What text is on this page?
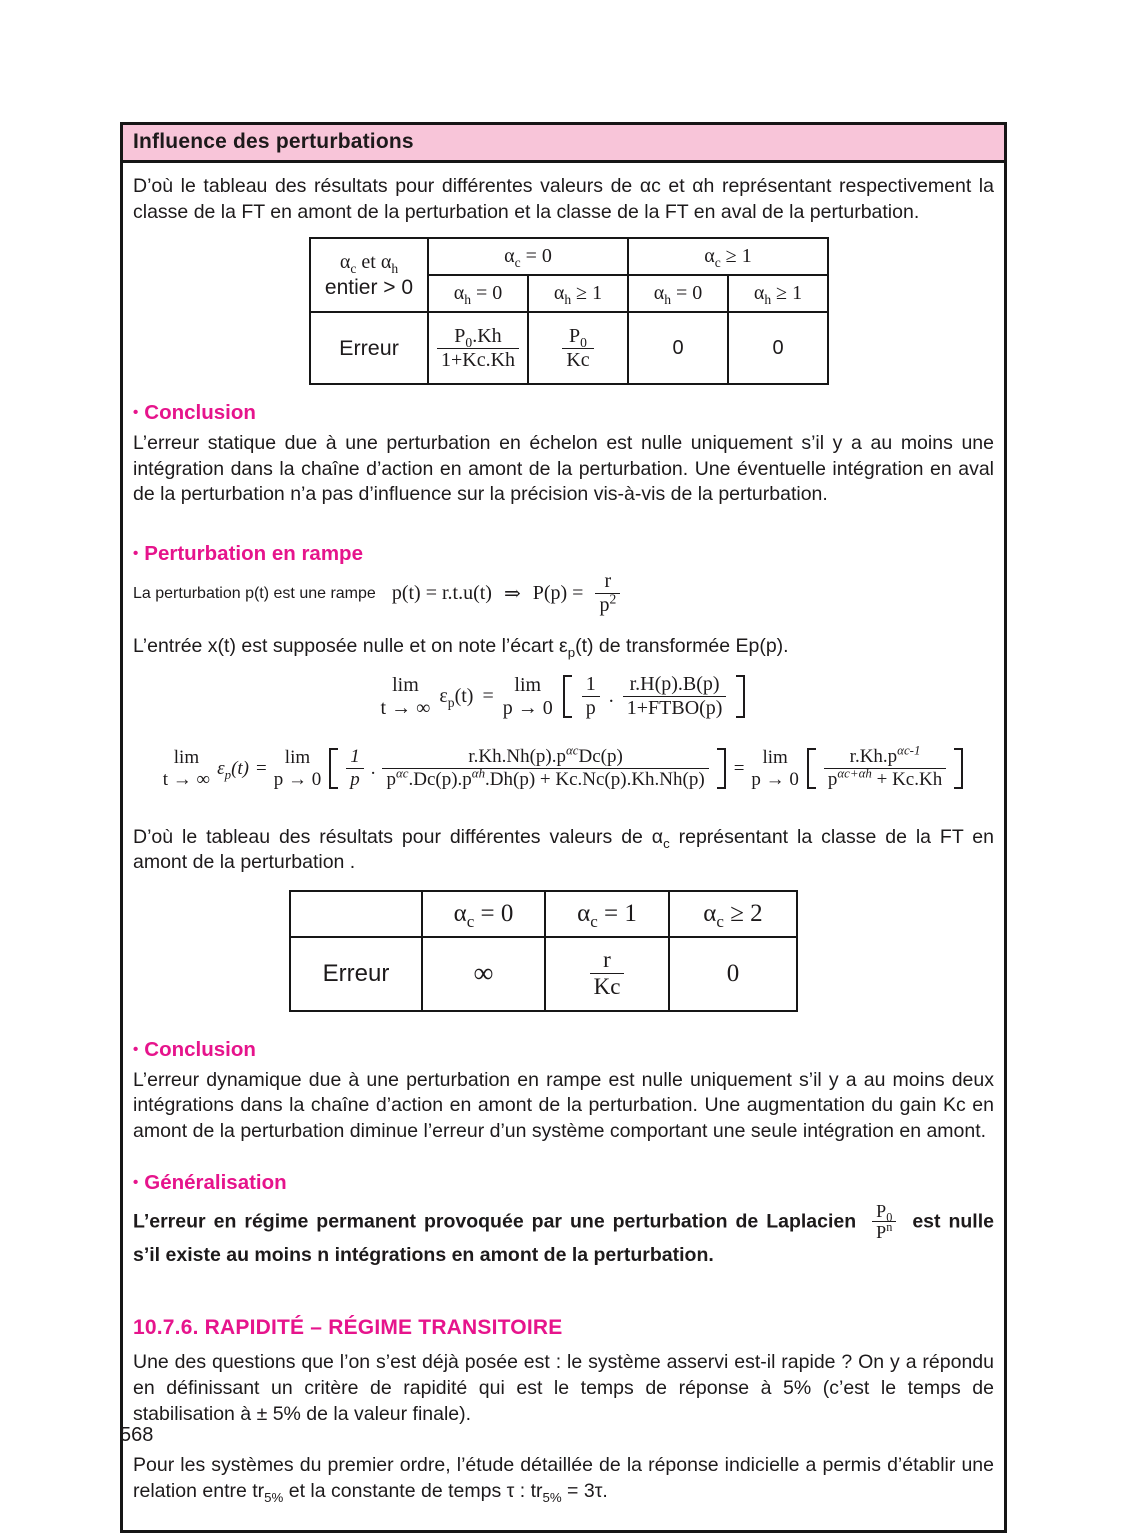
Influence des perturbations

D’où le tableau des résultats pour différentes valeurs de αc et αh représentant respectivement la classe de la FT en amont de la perturbation et la classe de la FT en aval de la perturbation.

$\alpha_c$ et $\alpha_h$
entier > 0	$\alpha_c = 0$		$\alpha_c \ge 1$	
	$\alpha_h = 0$	$\alpha_h \ge 1$	$\alpha_h = 0$	$\alpha_h \ge 1$
Erreur	$\frac{P_0.Kh}{1+Kc.Kh}$	$\frac{P_0}{Kc}$	0	0
• Conclusion

L’erreur statique due à une perturbation en échelon est nulle uniquement s’il y a au moins une intégration dans la chaîne d’action en amont de la perturbation. Une éventuelle intégration en aval de la perturbation n’a pas d’influence sur la précision vis-à-vis de la perturbation.

• Perturbation en rampe
La perturbation p(t) est une rampe p(t) = r.t.u(t) ⇒ $P(p) = \frac{r}{p^2}$

L’entrée x(t) est supposée nulle et on note l’écart $\varepsilon_p(t)$ de transformée Ep(p).

lim
t → ∞
$\varepsilon_p(t) = \lim$
$p \to 0 \frac{1}{p}$ . $\frac{r.H(p).B(p)}{\text{1+FTBO(p)}}$
lim
t → ∞
$\varepsilon_p(t) = \lim$
$p \to 0 \frac{1}{p}$ . $\frac{r.Kh.Nh(p).p^{\alpha c}Dc(p)}{p^{\alpha c}.Dc(p).p^{\alpha h}.Dh(p) + Kc.Nc(p).Kh.Nh(p)} = \lim$
$p \to 0 \frac{r.Kh.p^{\alpha c-1}}{p^{\alpha c+\alpha h} + Kc.Kh}$

D’où le tableau des résultats pour différentes valeurs de $\alpha_c$ représentant la classe de la FT en amont de la perturbation .

	$\alpha_c = 0$	$\alpha_c = 1$	$\alpha_c \ge 2$
Erreur	∞	$\frac{r}{Kc}$	0
• Conclusion

L’erreur dynamique due à une perturbation en rampe est nulle uniquement s’il y a au moins deux intégrations dans la chaîne d’action en amont de la perturbation. Une augmentation du gain Kc en amont de la perturbation diminue l’erreur d’un système comportant une seule intégration en amont.

• Généralisation

L’erreur en régime permanent provoquée par une perturbation de Laplacien $\frac{P_0}{P^n}$ est nulle s’il existe au moins n intégrations en amont de la perturbation.

10.7.6. RAPIDITÉ – RÉGIME TRANSITOIRE

Une des questions que l’on s’est déjà posée est : le système asservi est-il rapide ? On y a répondu en définissant un critère de rapidité qui est le temps de réponse à 5% (c’est le temps de stabilisation à ± 5% de la valeur finale).

Pour les systèmes du premier ordre, l’étude détaillée de la réponse indicielle a permis d’établir une relation entre $tr_{5\%}$ et la constante de temps τ : $tr_{5\%} = 3\tau$.

568
